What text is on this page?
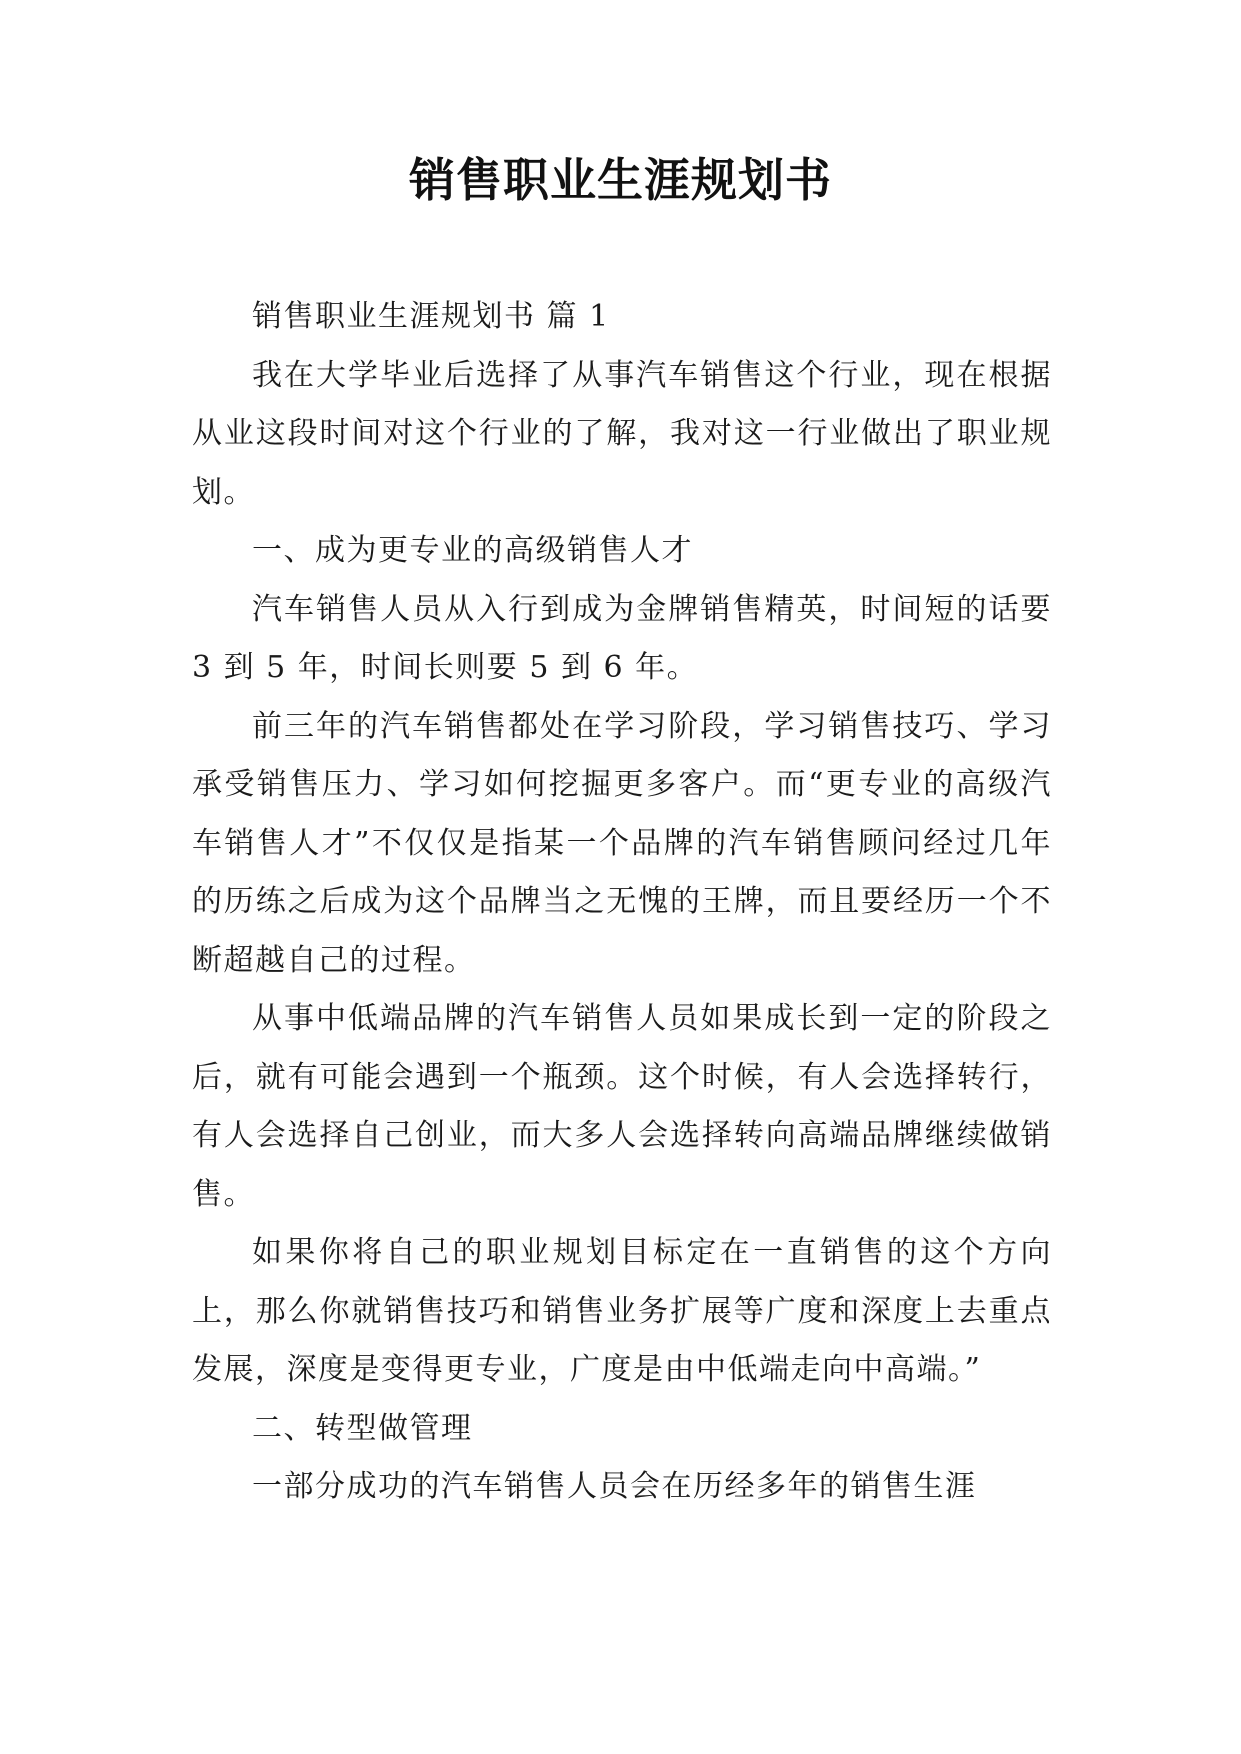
销售职业生涯规划书

销售职业生涯规划书 篇 1

我在大学毕业后选择了从事汽车销售这个行业，现在根据从业这段时间对这个行业的了解，我对这一行业做出了职业规划。

一、成为更专业的高级销售人才

汽车销售人员从入行到成为金牌销售精英，时间短的话要 3 到 5 年，时间长则要 5 到 6 年。

前三年的汽车销售都处在学习阶段，学习销售技巧、学习承受销售压力、学习如何挖掘更多客户。而“更专业的高级汽车销售人才”不仅仅是指某一个品牌的汽车销售顾问经过几年的历练之后成为这个品牌当之无愧的王牌，而且要经历一个不断超越自己的过程。

从事中低端品牌的汽车销售人员如果成长到一定的阶段之后，就有可能会遇到一个瓶颈。这个时候，有人会选择转行，有人会选择自己创业，而大多人会选择转向高端品牌继续做销售。

如果你将自己的职业规划目标定在一直销售的这个方向上，那么你就销售技巧和销售业务扩展等广度和深度上去重点发展，深度是变得更专业，广度是由中低端走向中高端。”

二、转型做管理

一部分成功的汽车销售人员会在历经多年的销售生涯
